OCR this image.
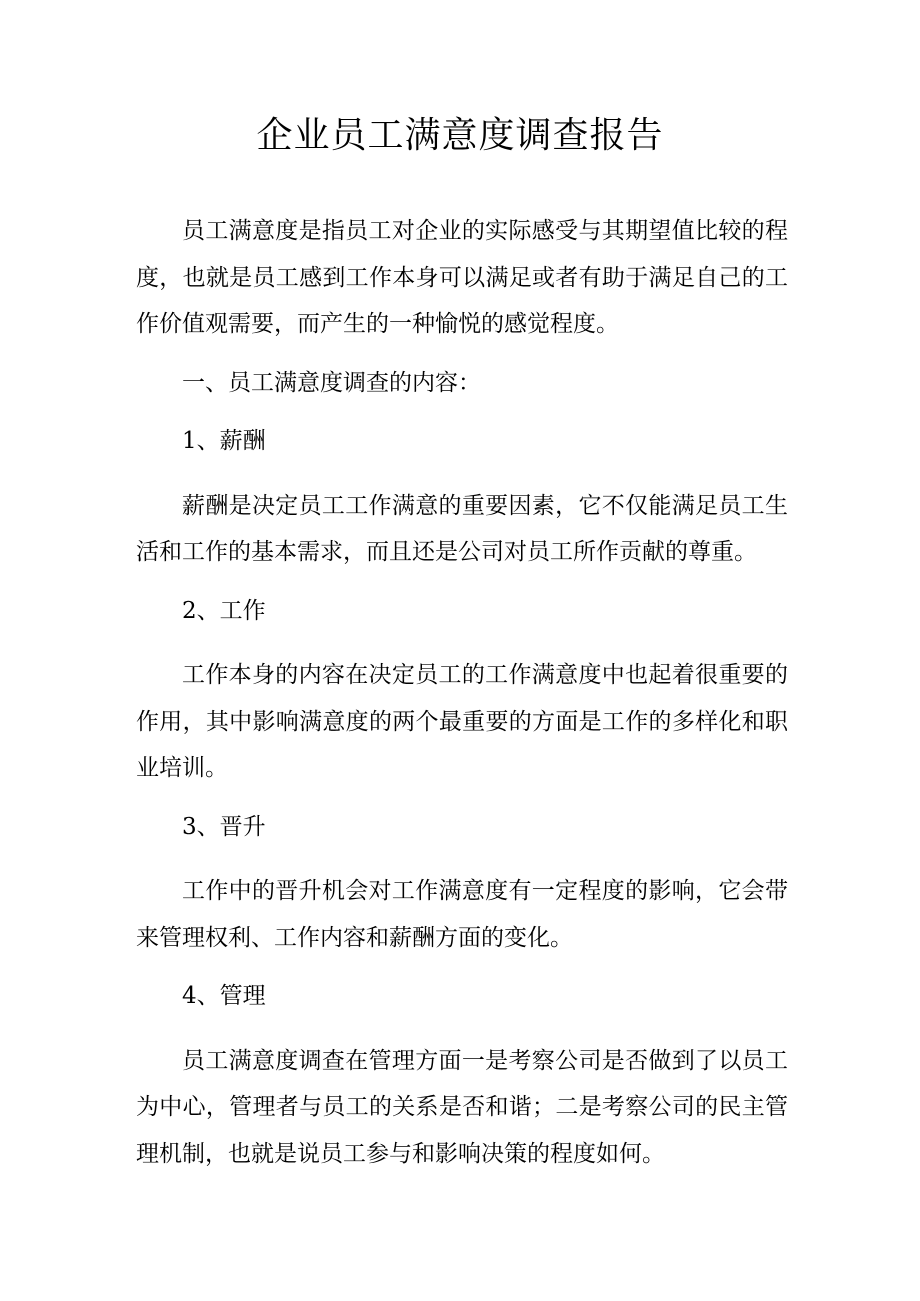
企业员工满意度调查报告

员工满意度是指员工对企业的实际感受与其期望值比较的程度，也就是员工感到工作本身可以满足或者有助于满足自己的工作价值观需要，而产生的一种愉悦的感觉程度。

一、员工满意度调查的内容：

1、薪酬

薪酬是决定员工工作满意的重要因素，它不仅能满足员工生活和工作的基本需求，而且还是公司对员工所作贡献的尊重。

2、工作

工作本身的内容在决定员工的工作满意度中也起着很重要的作用，其中影响满意度的两个最重要的方面是工作的多样化和职业培训。

3、晋升

工作中的晋升机会对工作满意度有一定程度的影响，它会带来管理权利、工作内容和薪酬方面的变化。

4、管理

员工满意度调查在管理方面一是考察公司是否做到了以员工为中心，管理者与员工的关系是否和谐；二是考察公司的民主管理机制，也就是说员工参与和影响决策的程度如何。
